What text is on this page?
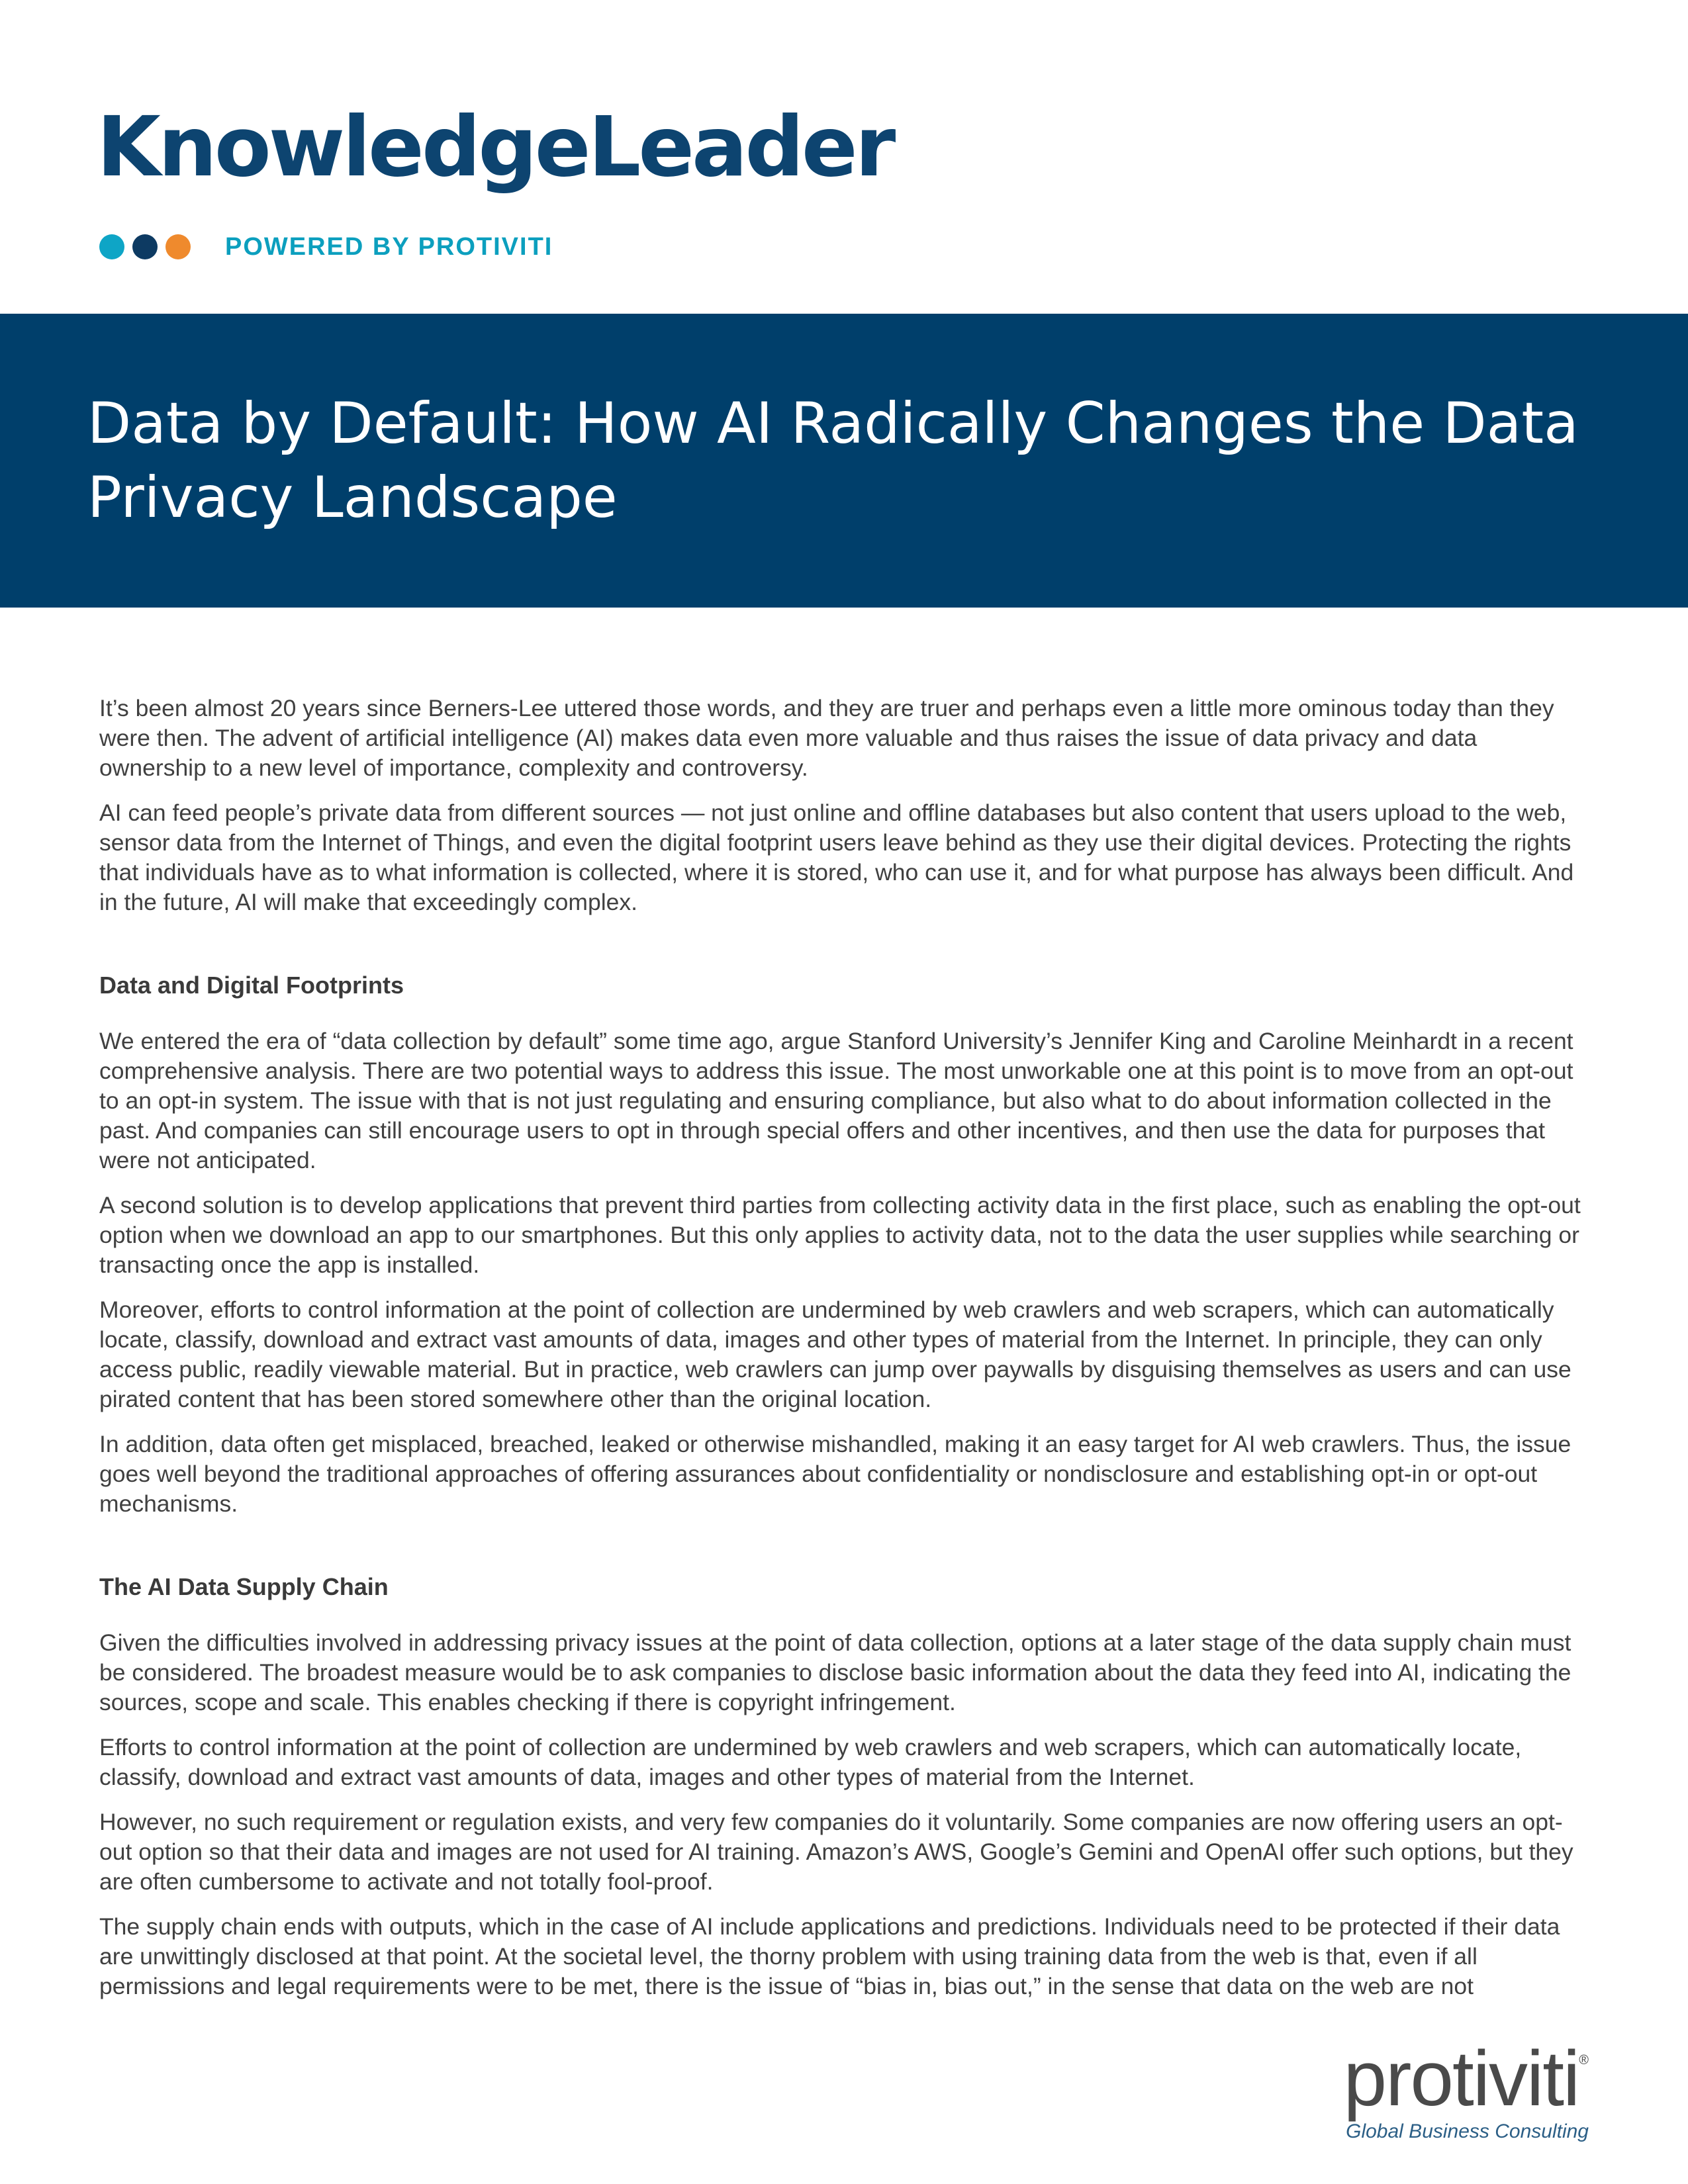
KnowledgeLeader
POWERED BY PROTIVITI
Data by Default: How AI Radically Changes the Data Privacy Landscape

It’s been almost 20 years since Berners-Lee uttered those words, and they are truer and perhaps even a little more ominous today than they were then. The advent of artificial intelligence (AI) makes data even more valuable and thus raises the issue of data privacy and data ownership to a new level of importance, complexity and controversy.

AI can feed people’s private data from different sources — not just online and offline databases but also content that users upload to the web, sensor data from the Internet of Things, and even the digital footprint users leave behind as they use their digital devices. Protecting the rights that individuals have as to what information is collected, where it is stored, who can use it, and for what purpose has always been difficult. And in the future, AI will make that exceedingly complex.

Data and Digital Footprints

We entered the era of “data collection by default” some time ago, argue Stanford University’s Jennifer King and Caroline Meinhardt in a recent comprehensive analysis. There are two potential ways to address this issue. The most unworkable one at this point is to move from an opt-out to an opt-in system. The issue with that is not just regulating and ensuring compliance, but also what to do about information collected in the past. And companies can still encourage users to opt in through special offers and other incentives, and then use the data for purposes that were not anticipated.

A second solution is to develop applications that prevent third parties from collecting activity data in the first place, such as enabling the opt-out option when we download an app to our smartphones. But this only applies to activity data, not to the data the user supplies while searching or transacting once the app is installed.

Moreover, efforts to control information at the point of collection are undermined by web crawlers and web scrapers, which can automatically locate, classify, download and extract vast amounts of data, images and other types of material from the Internet. In principle, they can only access public, readily viewable material. But in practice, web crawlers can jump over paywalls by disguising themselves as users and can use pirated content that has been stored somewhere other than the original location.

In addition, data often get misplaced, breached, leaked or otherwise mishandled, making it an easy target for AI web crawlers. Thus, the issue goes well beyond the traditional approaches of offering assurances about confidentiality or nondisclosure and establishing opt-in or opt-out mechanisms.

The AI Data Supply Chain

Given the difficulties involved in addressing privacy issues at the point of data collection, options at a later stage of the data supply chain must be considered. The broadest measure would be to ask companies to disclose basic information about the data they feed into AI, indicating the sources, scope and scale. This enables checking if there is copyright infringement.

Efforts to control information at the point of collection are undermined by web crawlers and web scrapers, which can automatically locate, classify, download and extract vast amounts of data, images and other types of material from the Internet.

However, no such requirement or regulation exists, and very few companies do it voluntarily. Some companies are now offering users an opt-out option so that their data and images are not used for AI training. Amazon’s AWS, Google’s Gemini and OpenAI offer such options, but they are often cumbersome to activate and not totally fool-proof.

The supply chain ends with outputs, which in the case of AI include applications and predictions. Individuals need to be protected if their data are unwittingly disclosed at that point. At the societal level, the thorny problem with using training data from the web is that, even if all permissions and legal requirements were to be met, there is the issue of “bias in, bias out,” in the sense that data on the web are not

protiviti®
Global Business Consulting
